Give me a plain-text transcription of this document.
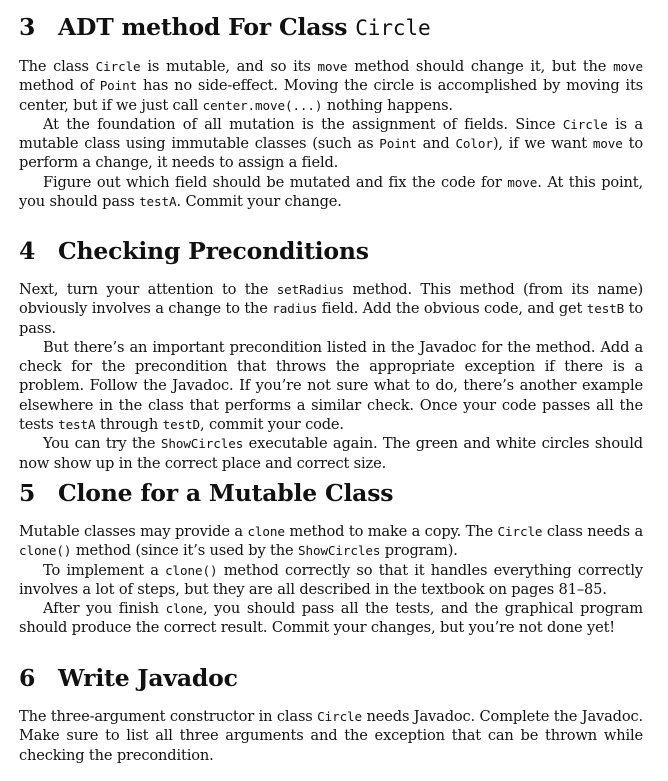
3 ADT method For Class Circle

The class Circle is mutable, and so its move method should change it, but the move method of Point has no side-effect. Moving the circle is accomplished by moving its center, but if we just call center.move(...) nothing happens.

At the foundation of all mutation is the assignment of fields. Since Circle is a mutable class using immutable classes (such as Point and Color), if we want move to perform a change, it needs to assign a field.

Figure out which field should be mutated and fix the code for move. At this point, you should pass testA. Commit your change.

4 Checking Preconditions

Next, turn your attention to the setRadius method. This method (from its name) obviously involves a change to the radius field. Add the obvious code, and get testB to pass.

But there’s an important precondition listed in the Javadoc for the method. Add a check for the precondition that throws the appropriate exception if there is a problem. Follow the Javadoc. If you’re not sure what to do, there’s another example elsewhere in the class that performs a similar check. Once your code passes all the tests testA through testD, commit your code.

You can try the ShowCircles executable again. The green and white circles should now show up in the correct place and correct size.

5 Clone for a Mutable Class

Mutable classes may provide a clone method to make a copy. The Circle class needs a clone() method (since it’s used by the ShowCircles program).

To implement a clone() method correctly so that it handles everything correctly involves a lot of steps, but they are all described in the textbook on pages 81–85.

After you finish clone, you should pass all the tests, and the graphical program should produce the correct result. Commit your changes, but you’re not done yet!

6 Write Javadoc

The three-argument constructor in class Circle needs Javadoc. Complete the Javadoc. Make sure to list all three arguments and the exception that can be thrown while checking the precondition.
